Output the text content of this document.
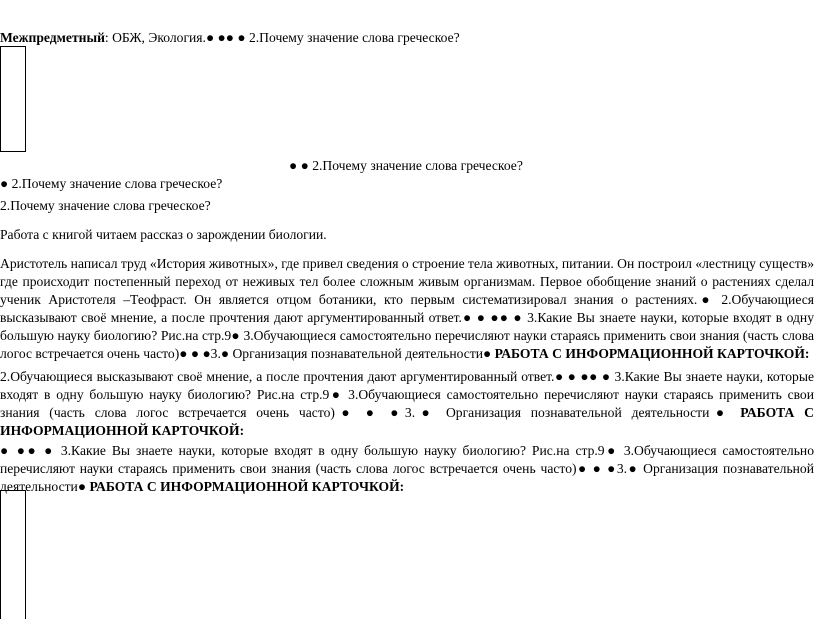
Межпредметный: ОБЖ, Экология.● ●● ● 2.Почему значение слова греческое?
● ● 2.Почему значение слова греческое?
● 2.Почему значение слова греческое?
2.Почему значение слова греческое?
Работа с книгой читаем рассказ о зарождении биологии.
Аристотель написал труд «История животных», где привел сведения о строение тела животных, питании. Он построил «лестницу существ»
где происходит постепенный переход от неживых тел более сложным живым организмам. Первое обобщение знаний о растениях сделал
ученик Аристотеля –Теофраст. Он является отцом ботаники, кто первым систематизировал знания о растениях.● 2.Обучающиеся
высказывают своё мнение, а после прочтения дают аргументированный ответ.● ● ●● ● 3.Какие Вы знаете науки, которые входят в одну
большую науку биологию? Рис.на стр.9● 3.Обучающиеся самостоятельно перечисляют науки стараясь применить свои знания (часть слова
логос встречается очень часто)● ● ●3.● Организация познавательной деятельности● РАБОТА С ИНФОРМАЦИОННОЙ КАРТОЧКОЙ:
2.Обучающиеся высказывают своё мнение, а после прочтения дают аргументированный ответ.● ● ●● ● 3.Какие Вы знаете науки, которые
входят в одну большую науку биологию? Рис.на стр.9● 3.Обучающиеся самостоятельно перечисляют науки стараясь применить свои
знания (часть слова логос встречается очень часто)● ● ●3.● Организация познавательной деятельности● РАБОТА С
ИНФОРМАЦИОННОЙ КАРТОЧКОЙ:
● ●● ● 3.Какие Вы знаете науки, которые входят в одну большую науку биологию? Рис.на стр.9● 3.Обучающиеся самостоятельно
перечисляют науки стараясь применить свои знания (часть слова логос встречается очень часто)● ● ●3.● Организация познавательной
деятельности● РАБОТА С ИНФОРМАЦИОННОЙ КАРТОЧКОЙ:
